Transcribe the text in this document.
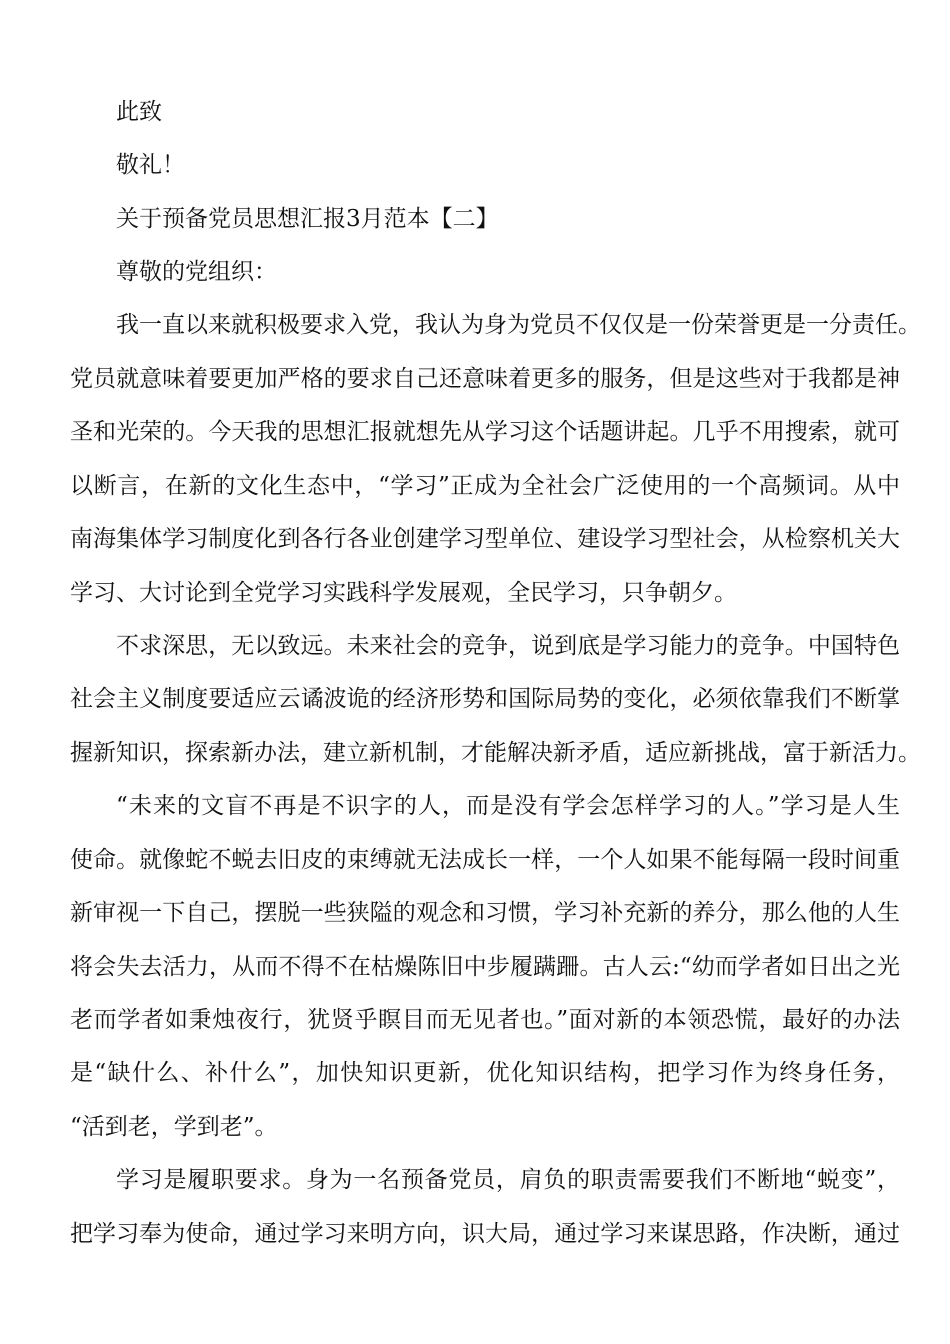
此致

敬礼！

关于预备党员思想汇报3月范本【二】

尊敬的党组织：

我一直以来就积极要求入党，我认为身为党员不仅仅是一份荣誉更是一分责任。

党员就意味着要更加严格的要求自己还意味着更多的服务，但是这些对于我都是神

圣和光荣的。今天我的思想汇报就想先从学习这个话题讲起。几乎不用搜索，就可

以断言，在新的文化生态中，“学习”正成为全社会广泛使用的一个高频词。从中

南海集体学习制度化到各行各业创建学习型单位、建设学习型社会，从检察机关大

学习、大讨论到全党学习实践科学发展观，全民学习，只争朝夕。

不求深思，无以致远。未来社会的竞争，说到底是学习能力的竞争。中国特色

社会主义制度要适应云谲波诡的经济形势和国际局势的变化，必须依靠我们不断掌

握新知识，探索新办法，建立新机制，才能解决新矛盾，适应新挑战，富于新活力。

“未来的文盲不再是不识字的人，而是没有学会怎样学习的人。”学习是人生

使命。就像蛇不蜕去旧皮的束缚就无法成长一样，一个人如果不能每隔一段时间重

新审视一下自己，摆脱一些狭隘的观念和习惯，学习补充新的养分，那么他的人生

将会失去活力，从而不得不在枯燥陈旧中步履蹒跚。古人云:“幼而学者如日出之光

老而学者如秉烛夜行，犹贤乎瞑目而无见者也。”面对新的本领恐慌，最好的办法

是“缺什么、补什么”，加快知识更新，优化知识结构，把学习作为终身任务，

“活到老，学到老”。

学习是履职要求。身为一名预备党员，肩负的职责需要我们不断地“蜕变”，

把学习奉为使命，通过学习来明方向，识大局，通过学习来谋思路，作决断，通过
